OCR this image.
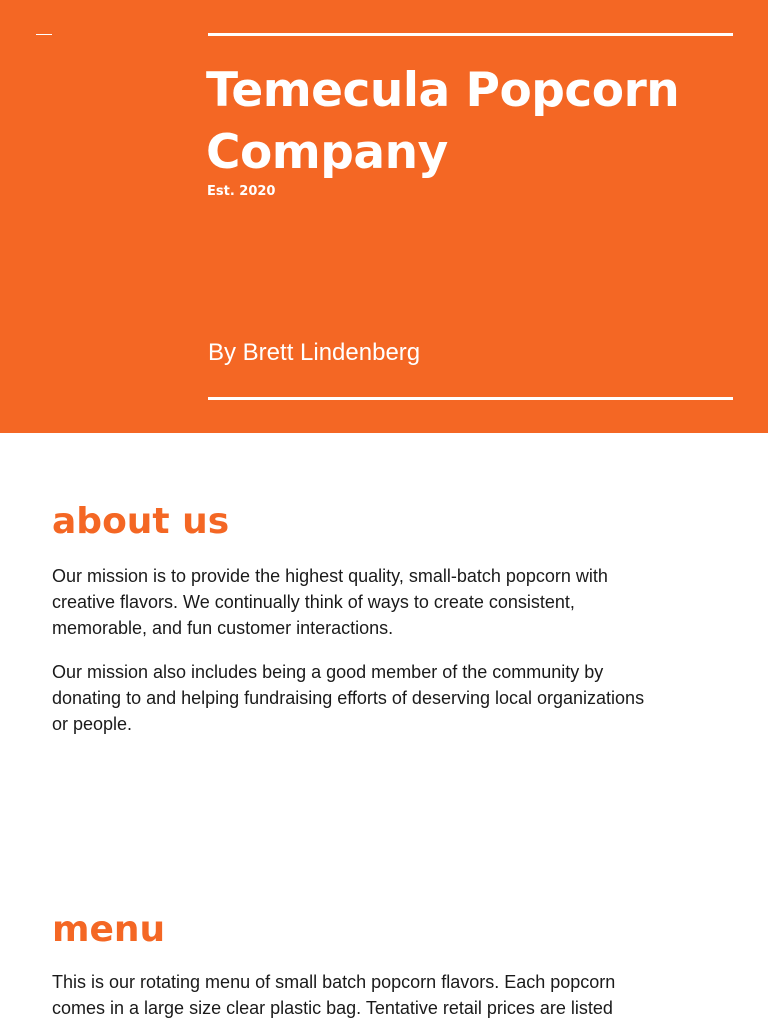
Temecula Popcorn Company
Est. 2020
By Brett Lindenberg
about us

Our mission is to provide the highest quality, small-batch popcorn with creative flavors. We continually think of ways to create consistent, memorable, and fun customer interactions.

Our mission also includes being a good member of the community by donating to and helping fundraising efforts of deserving local organizations or people.

menu

This is our rotating menu of small batch popcorn flavors. Each popcorn comes in a large size clear plastic bag. Tentative retail prices are listed
